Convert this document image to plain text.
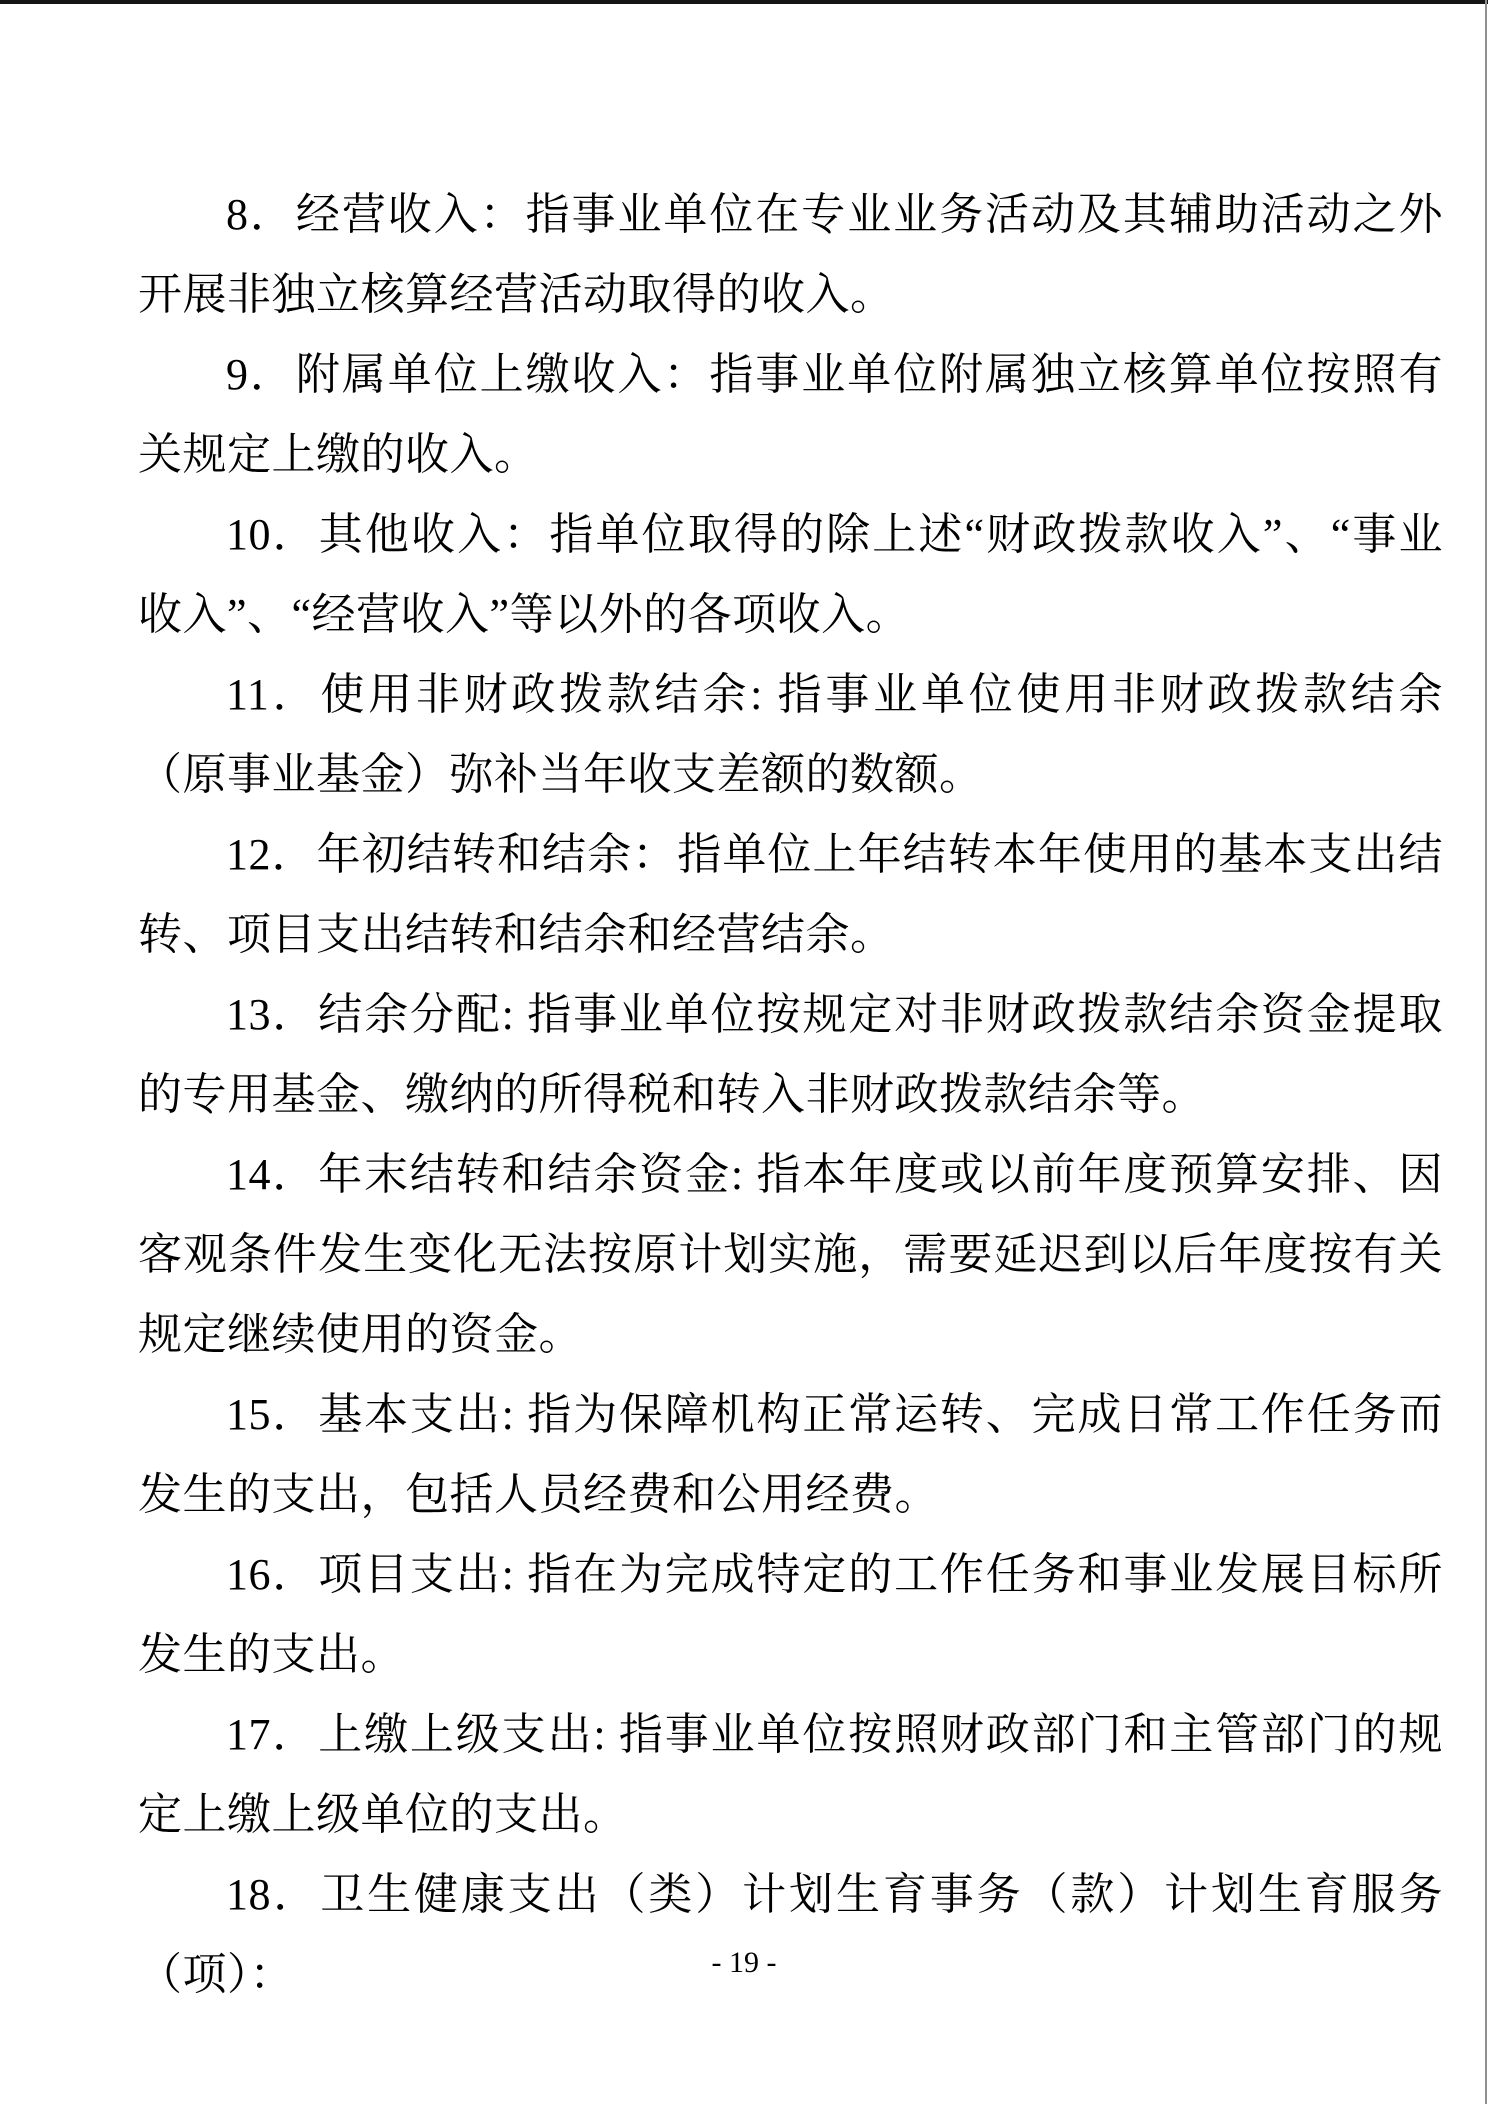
8．经营收入：指事业单位在专业业务活动及其辅助活动之外开展非独立核算经营活动取得的收入。

9．附属单位上缴收入：指事业单位附属独立核算单位按照有关规定上缴的收入。

10．其他收入：指单位取得的除上述“财政拨款收入”、“事业收入”、“经营收入”等以外的各项收入。

11．使用非财政拨款结余: 指事业单位使用非财政拨款结余（原事业基金）弥补当年收支差额的数额。

12．年初结转和结余：指单位上年结转本年使用的基本支出结转、项目支出结转和结余和经营结余。

13．结余分配: 指事业单位按规定对非财政拨款结余资金提取的专用基金、缴纳的所得税和转入非财政拨款结余等。

14．年末结转和结余资金: 指本年度或以前年度预算安排、因客观条件发生变化无法按原计划实施，需要延迟到以后年度按有关规定继续使用的资金。

15．基本支出: 指为保障机构正常运转、完成日常工作任务而发生的支出，包括人员经费和公用经费。

16．项目支出: 指在为完成特定的工作任务和事业发展目标所发生的支出。

17．上缴上级支出: 指事业单位按照财政部门和主管部门的规定上缴上级单位的支出。

18．卫生健康支出（类）计划生育事务（款）计划生育服务（项）：	- 19 -
